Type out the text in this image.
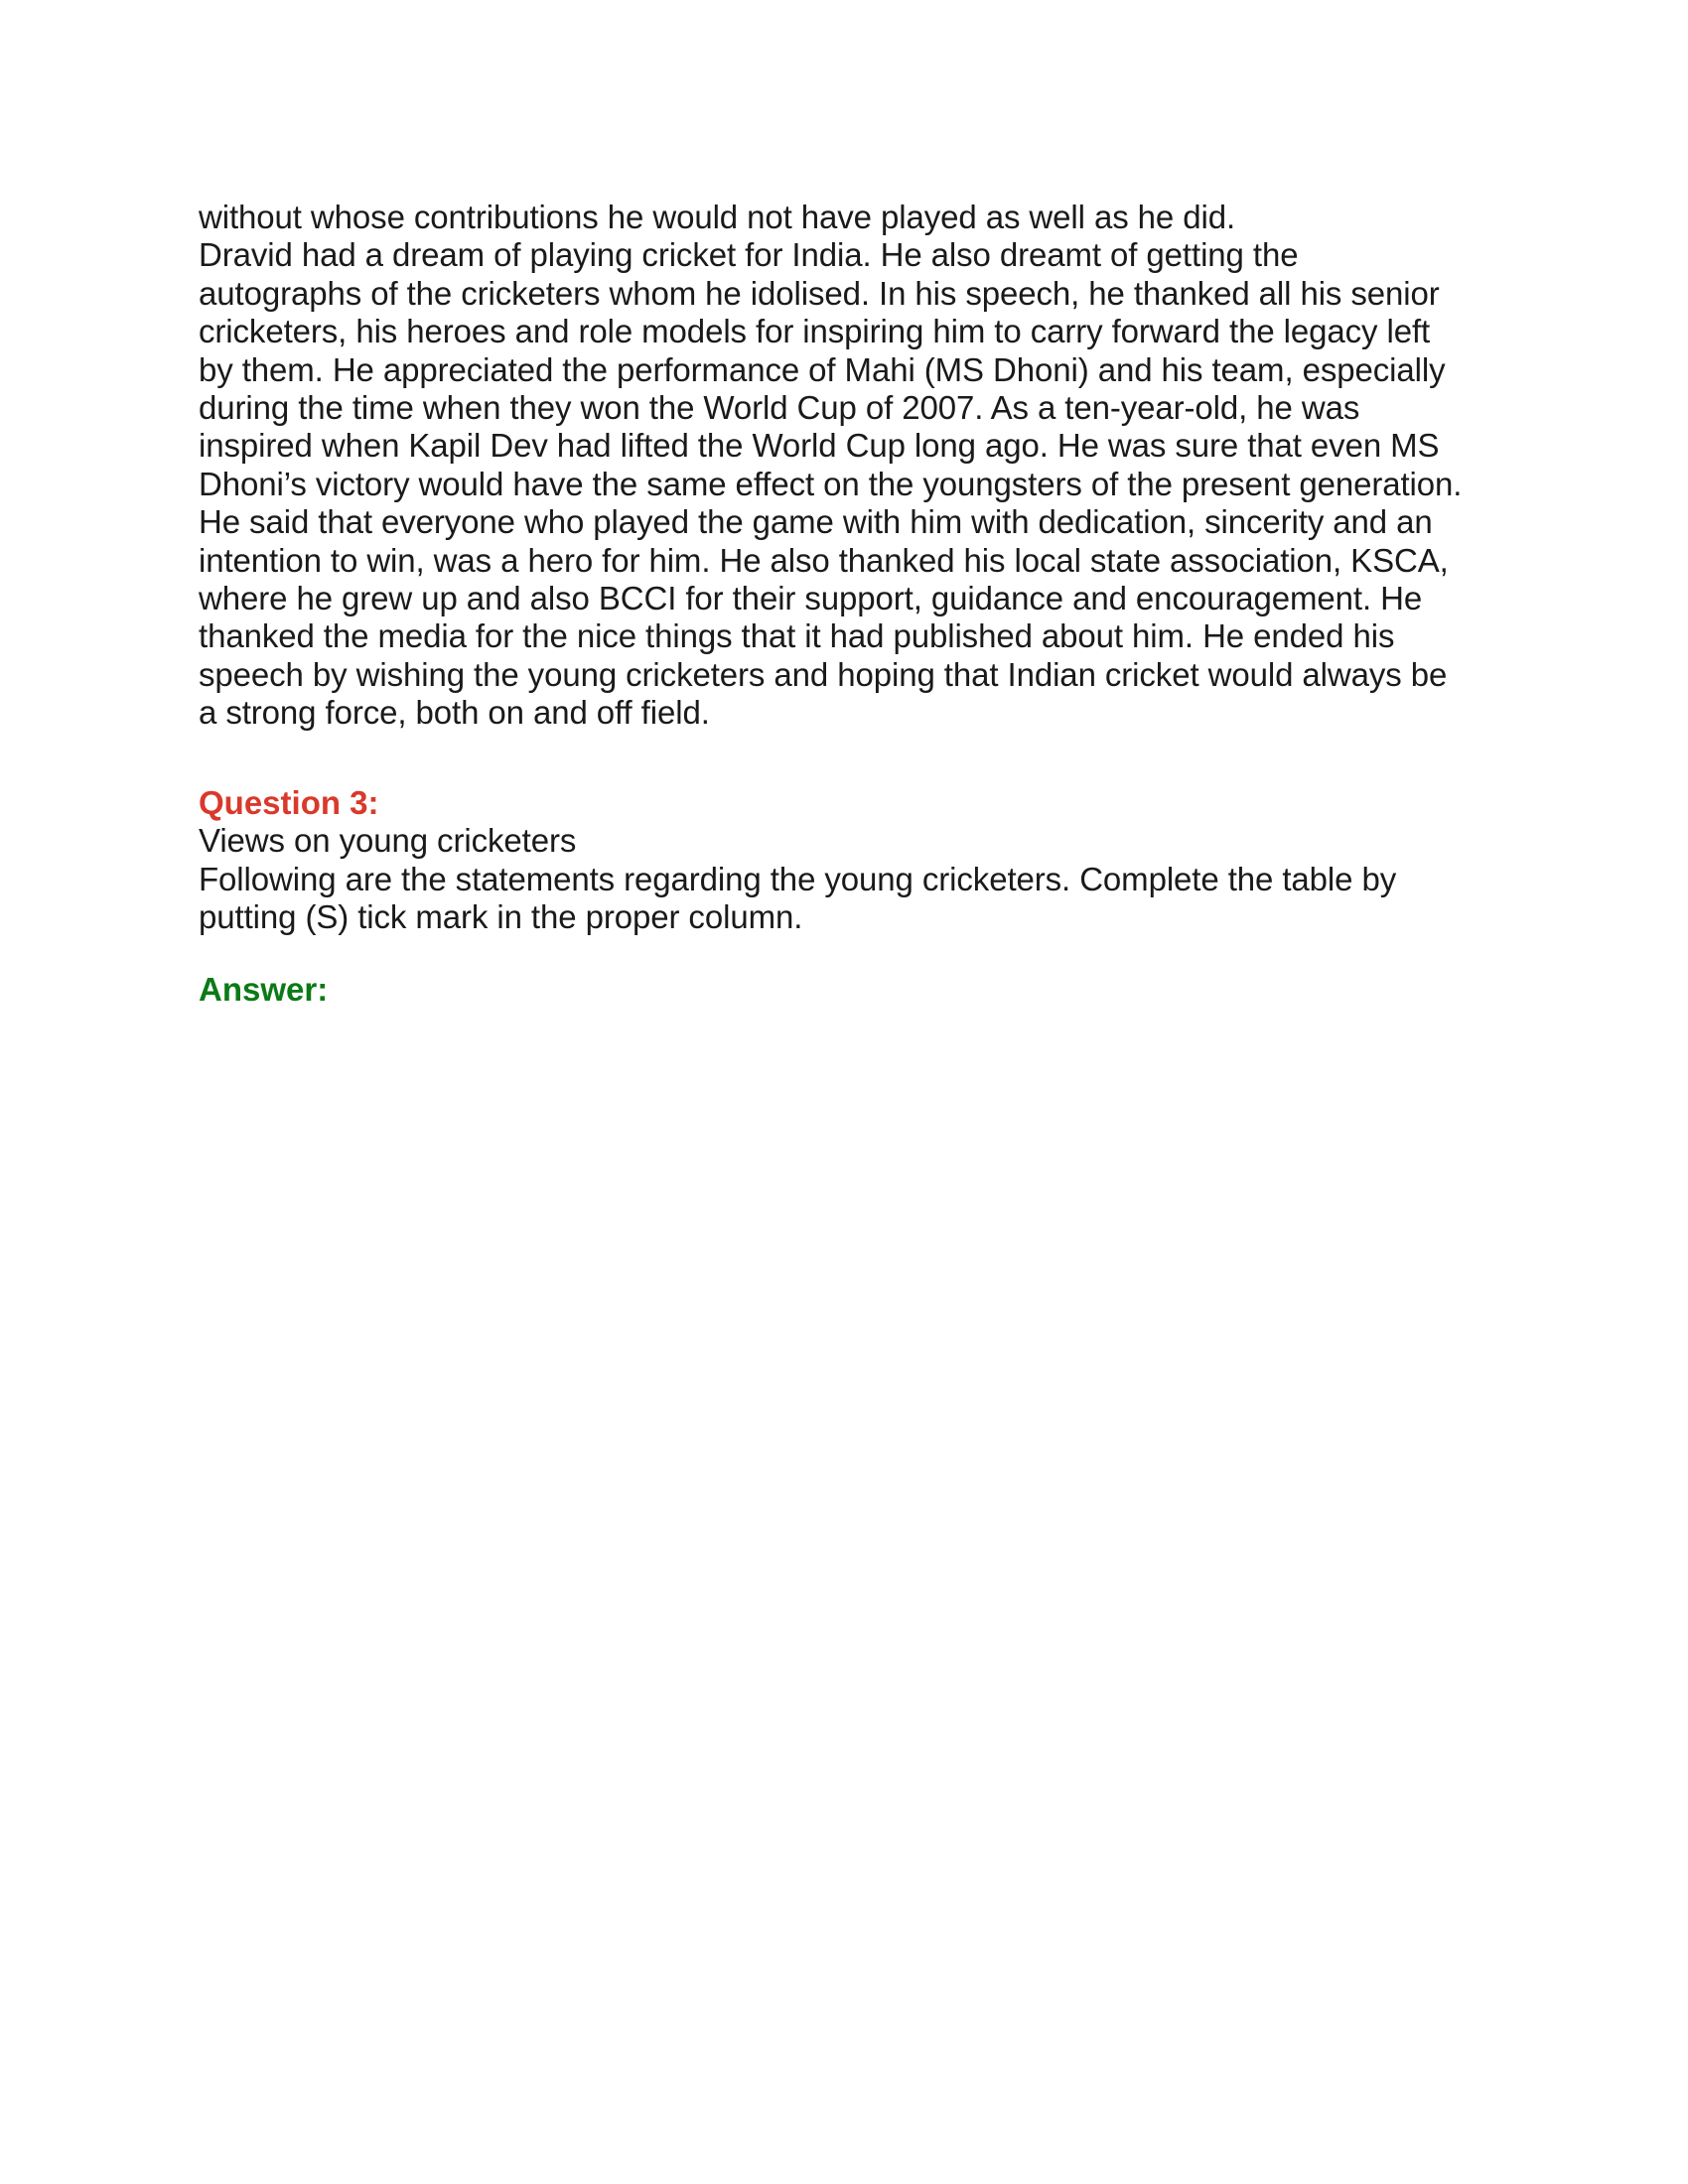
without whose contributions he would not have played as well as he did.
Dravid had a dream of playing cricket for India. He also dreamt of getting the
autographs of the cricketers whom he idolised. In his speech, he thanked all his senior
cricketers, his heroes and role models for inspiring him to carry forward the legacy left
by them. He appreciated the performance of Mahi (MS Dhoni) and his team, especially
during the time when they won the World Cup of 2007. As a ten-year-old, he was
inspired when Kapil Dev had lifted the World Cup long ago. He was sure that even MS
Dhoni’s victory would have the same effect on the youngsters of the present generation.
He said that everyone who played the game with him with dedication, sincerity and an
intention to win, was a hero for him. He also thanked his local state association, KSCA,
where he grew up and also BCCI for their support, guidance and encouragement. He
thanked the media for the nice things that it had published about him. He ended his
speech by wishing the young cricketers and hoping that Indian cricket would always be
a strong force, both on and off field.
Question 3:
Views on young cricketers
Following are the statements regarding the young cricketers. Complete the table by
putting (S) tick mark in the proper column.
Answer:
